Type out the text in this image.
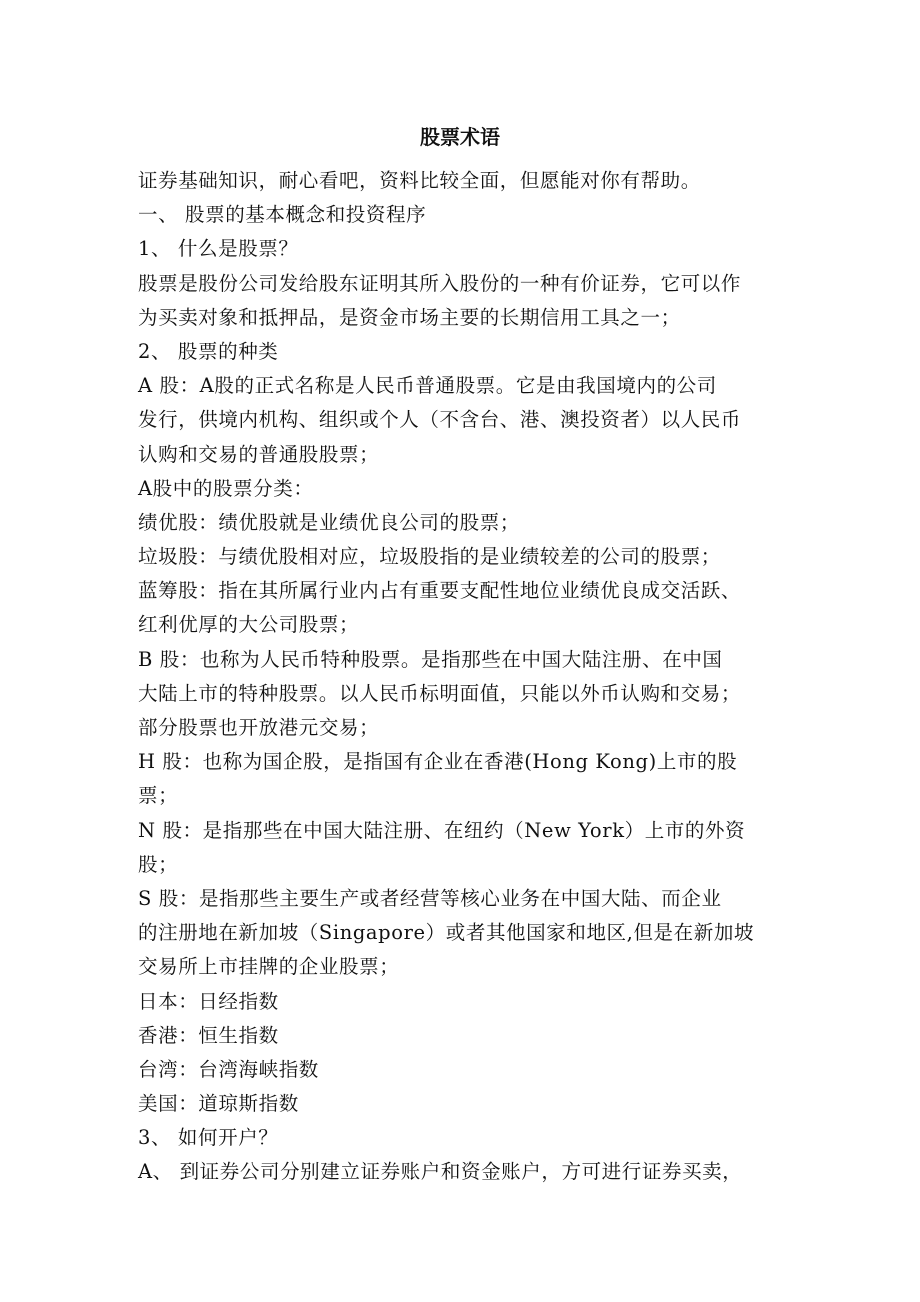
股票术语
证券基础知识，耐心看吧，资料比较全面，但愿能对你有帮助。
一、 股票的基本概念和投资程序
1、 什么是股票？
股票是股份公司发给股东证明其所入股份的一种有价证券，它可以作
为买卖对象和抵押品，是资金市场主要的长期信用工具之一；
2、 股票的种类
A 股：A股的正式名称是人民币普通股票。它是由我国境内的公司
发行，供境内机构、组织或个人（不含台、港、澳投资者）以人民币
认购和交易的普通股股票；
A股中的股票分类：
绩优股：绩优股就是业绩优良公司的股票；
垃圾股：与绩优股相对应，垃圾股指的是业绩较差的公司的股票；
蓝筹股：指在其所属行业内占有重要支配性地位业绩优良成交活跃、
红利优厚的大公司股票；
B 股：也称为人民币特种股票。是指那些在中国大陆注册、在中国
大陆上市的特种股票。以人民币标明面值，只能以外币认购和交易；
部分股票也开放港元交易；
H 股：也称为国企股，是指国有企业在香港(Hong Kong)上市的股
票；
N 股：是指那些在中国大陆注册、在纽约（New York）上市的外资
股；
S 股：是指那些主要生产或者经营等核心业务在中国大陆、而企业
的注册地在新加坡（Singapore）或者其他国家和地区,但是在新加坡
交易所上市挂牌的企业股票；
日本：日经指数
香港：恒生指数
台湾：台湾海峡指数
美国：道琼斯指数
3、 如何开户？
A、 到证券公司分别建立证券账户和资金账户，方可进行证券买卖，
